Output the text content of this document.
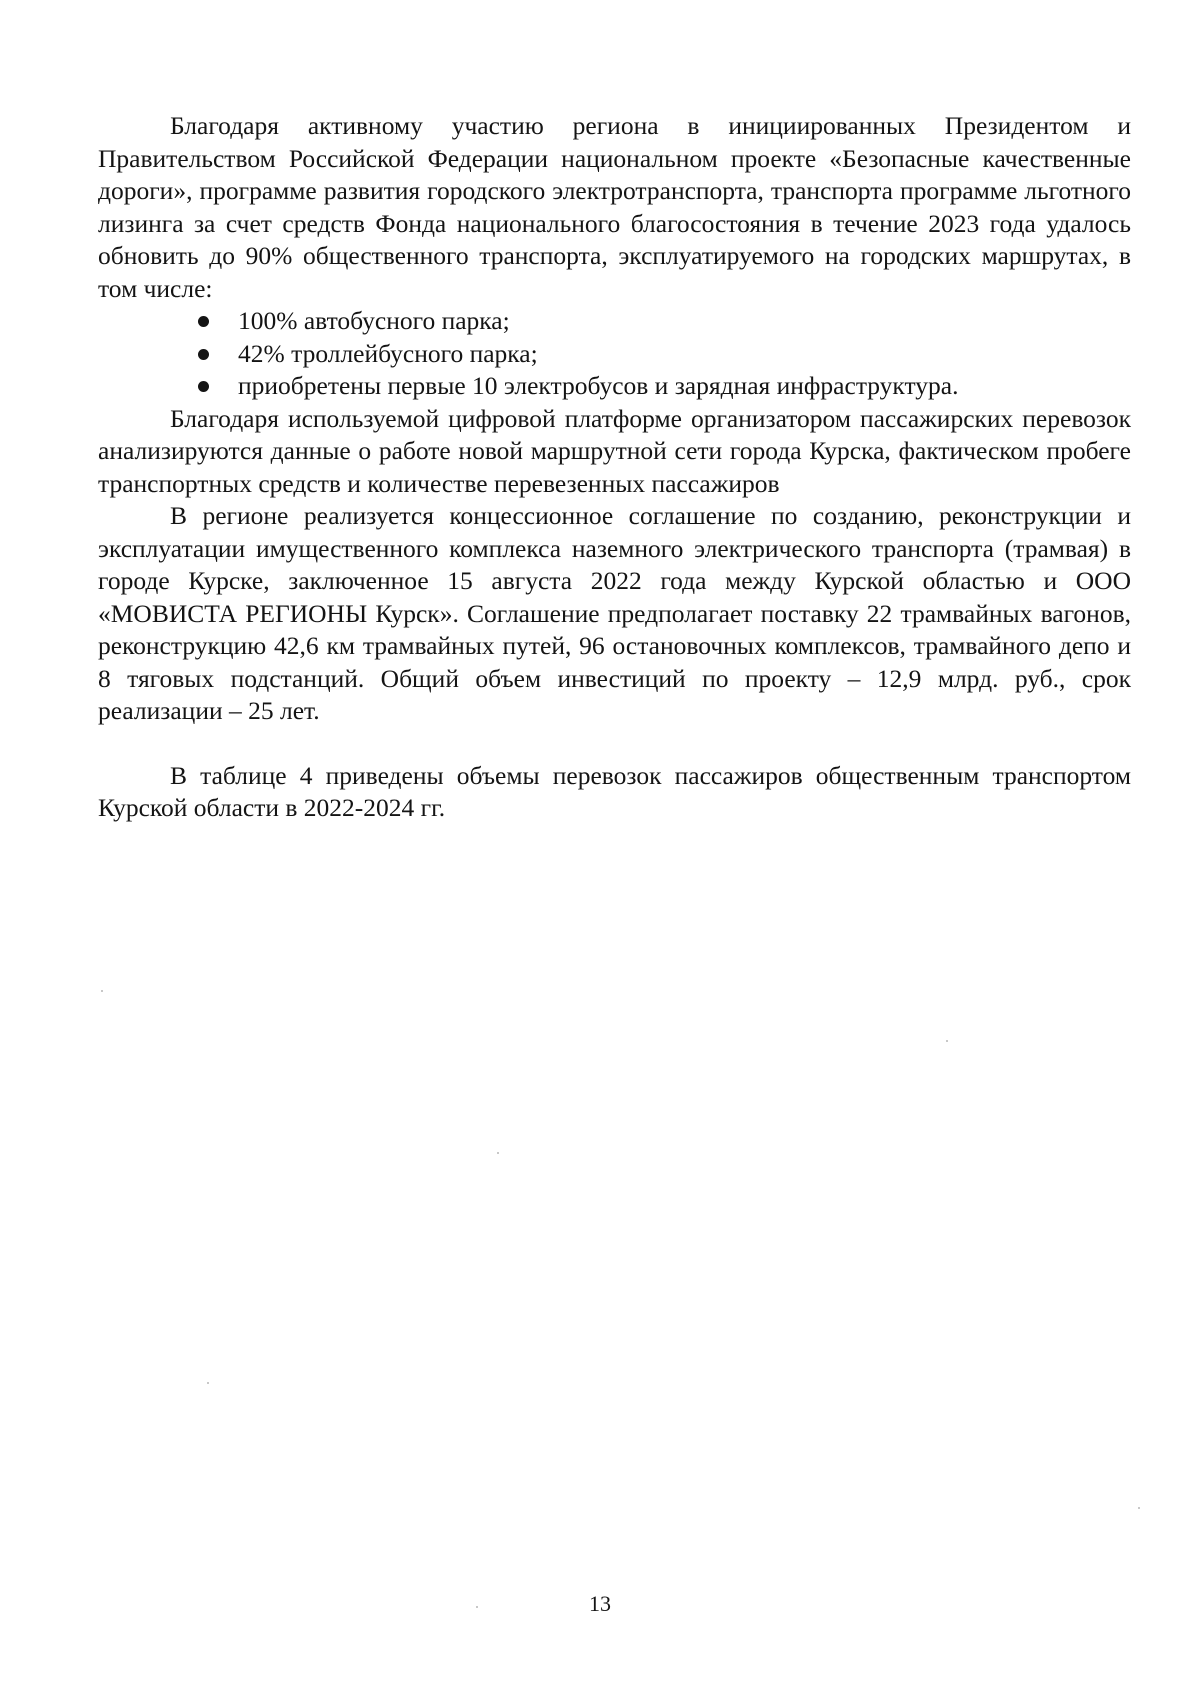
Благодаря активному участию региона в инициированных Президентом и Правительством Российской Федерации национальном проекте «Безопасные качественные дороги», программе развития городского электротранспорта, транспорта программе льготного лизинга за счет средств Фонда национального благосостояния в течение 2023 года удалось обновить до 90% общественного транспорта, эксплуатируемого на городских маршрутах, в том числе:

100% автобусного парка;
42% троллейбусного парка;
приобретены первые 10 электробусов и зарядная инфраструктура.

Благодаря используемой цифровой платформе организатором пассажирских перевозок анализируются данные о работе новой маршрутной сети города Курска, фактическом пробеге транспортных средств и количестве перевезенных пассажиров

В регионе реализуется концессионное соглашение по созданию, реконструкции и эксплуатации имущественного комплекса наземного электрического транспорта (трамвая) в городе Курске, заключенное 15 августа 2022 года между Курской областью и ООО «МОВИСТА РЕГИОНЫ Курск». Соглашение предполагает поставку 22 трамвайных вагонов, реконструкцию 42,6 км трамвайных путей, 96 остановочных комплексов, трамвайного депо и 8 тяговых подстанций. Общий объем инвестиций по проекту – 12,9 млрд. руб., срок реализации – 25 лет.

В таблице 4 приведены объемы перевозок пассажиров общественным транспортом Курской области в 2022-2024 гг.

13
